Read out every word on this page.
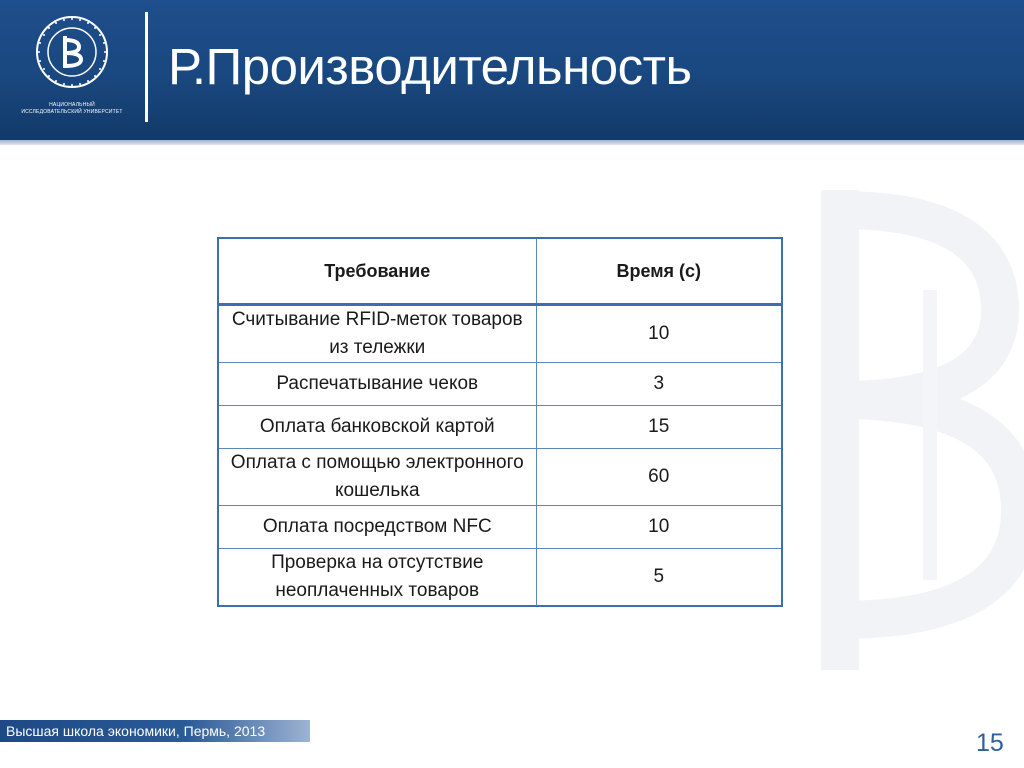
НАЦИОНАЛЬНЫЙ ИССЛЕДОВАТЕЛЬСКИЙ УНИВЕРСИТЕТ
Р.Производительность
Требование	Время (с)
Считывание RFID-меток товаров из тележки	10
Распечатывание чеков	3
Оплата банковской картой	15
Оплата с помощью электронного кошелька	60
Оплата посредством NFC	10
Проверка на отсутствие неоплаченных товаров	5
Высшая школа экономики, Пермь, 2013	15
